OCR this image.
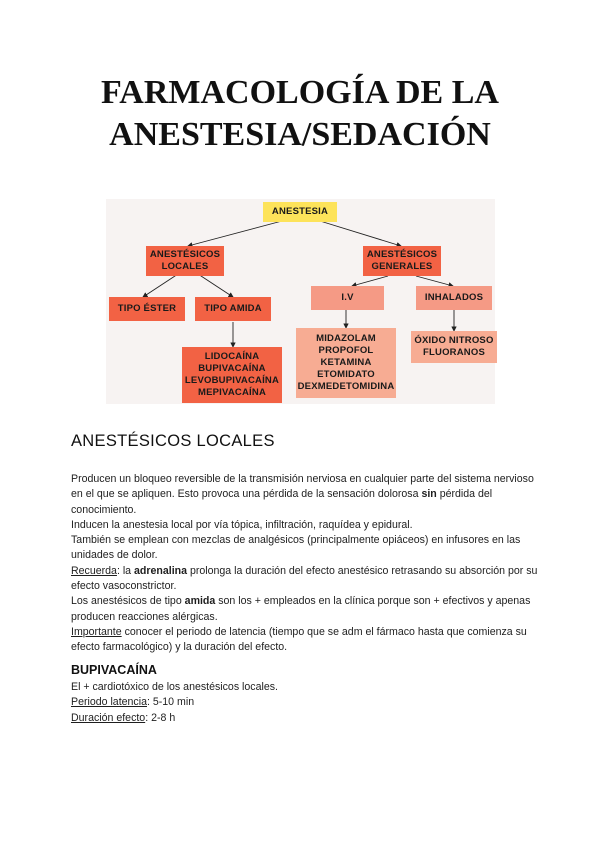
FARMACOLOGÍA DE LA
ANESTESIA/SEDACIÓN
ANESTESIA
ANESTÉSICOS
LOCALES
ANESTÉSICOS
GENERALES
TIPO ÉSTER	TIPO AMIDA
I.V	INHALADOS
LIDOCAÍNA
BUPIVACAÍNA
LEVOBUPIVACAÍNA
MEPIVACAÍNA
MIDAZOLAM
PROPOFOL
KETAMINA
ETOMIDATO
DEXMEDETOMIDINA
ÓXIDO NITROSO
FLUORANOS
ANESTÉSICOS LOCALES

Producen un bloqueo reversible de la transmisión nerviosa en cualquier parte del sistema nervioso en el que se apliquen. Esto provoca una pérdida de la sensación dolorosa sin pérdida del conocimiento.

Inducen la anestesia local por vía tópica, infiltración, raquídea y epidural.

También se emplean con mezclas de analgésicos (principalmente opiáceos) en infusores en las unidades de dolor.

Recuerda: la adrenalina prolonga la duración del efecto anestésico retrasando su absorción por su efecto vasoconstrictor.

Los anestésicos de tipo amida son los + empleados en la clínica porque son + efectivos y apenas producen reacciones alérgicas.

Importante conocer el periodo de latencia (tiempo que se adm el fármaco hasta que comienza su efecto farmacológico) y la duración del efecto.

BUPIVACAÍNA

El + cardiotóxico de los anestésicos locales.

Periodo latencia: 5-10 min

Duración efecto: 2-8 h
